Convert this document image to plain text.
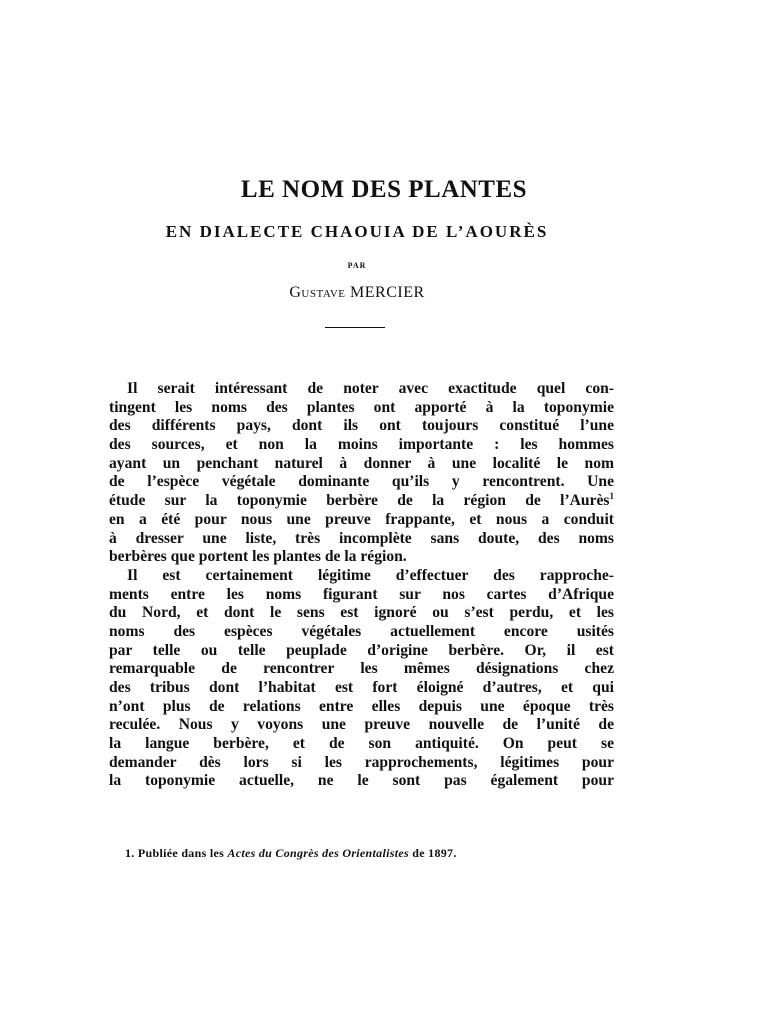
LE NOM DES PLANTES
EN DIALECTE CHAOUIA DE L’AOURÈS
PAR
Gustave MERCIER
Il serait intéressant de noter avec exactitude quel con-
tingent les noms des plantes ont apporté à la toponymie
des différents pays, dont ils ont toujours constitué l’une
des sources, et non la moins importante : les hommes
ayant un penchant naturel à donner à une localité le nom
de l’espèce végétale dominante qu’ils y rencontrent. Une
étude sur la toponymie berbère de la région de l’Aurès$^1$
en a été pour nous une preuve frappante, et nous a conduit
à dresser une liste, très incomplète sans doute, des noms
berbères que portent les plantes de la région.
Il est certainement légitime d’effectuer des rapproche-
ments entre les noms figurant sur nos cartes d’Afrique
du Nord, et dont le sens est ignoré ou s’est perdu, et les
noms des espèces végétales actuellement encore usités
par telle ou telle peuplade d’origine berbère. Or, il est
remarquable de rencontrer les mêmes désignations chez
des tribus dont l’habitat est fort éloigné d’autres, et qui
n’ont plus de relations entre elles depuis une époque très
reculée. Nous y voyons une preuve nouvelle de l’unité de
la langue berbère, et de son antiquité. On peut se
demander dès lors si les rapprochements, légitimes pour
la toponymie actuelle, ne le sont pas également pour
1. Publiée dans les Actes du Congrès des Orientalistes de 1897.
